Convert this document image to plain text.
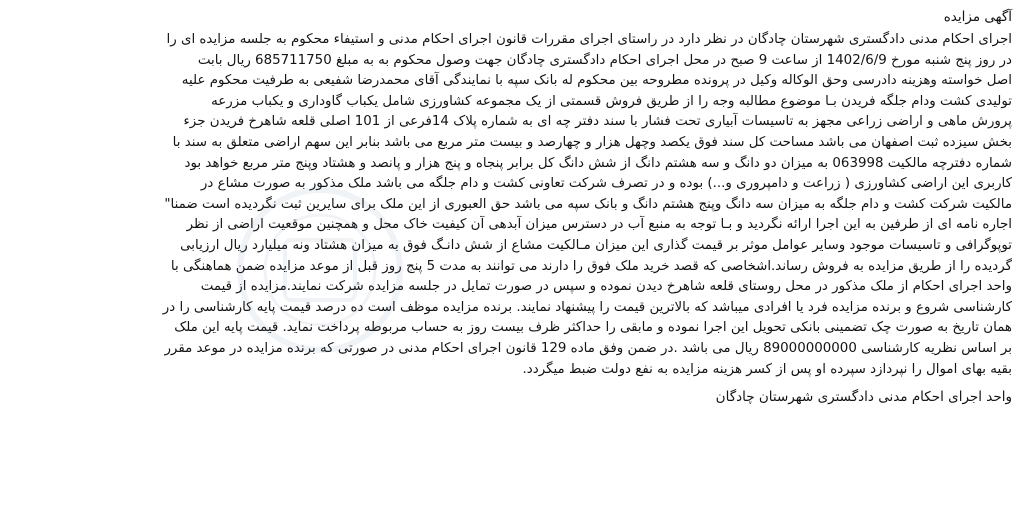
آگهی مزایده
اجرای احکام مدنی دادگستری شهرستان چادگان در نظر دارد در راستای اجرای مقررات قانون اجرای احکام مدنی و استیفاء محکوم به جلسه مزایده ای را
در روز پنج شنبه مورخ 1402/6/9 از ساعت 9 صبح در محل اجرای احکام دادگستری چادگان جهت وصول محکوم به به مبلغ 685711750 ریال بابت
اصل خواسته وهزینه دادرسی وحق الوکاله وکیل در پرونده مطروحه بین محکوم له بانک سپه با نمایندگی آقای محمدرضا شفیعی به طرفیت محکوم علیه
تولیدی کشت ودام جلگه فریدن بـا موضوع مطالبه وجه را از طریق فروش قسمتی از یک مجموعه کشاورزی شامل یکباب گاوداری و یکباب مزرعه
پرورش ماهی و اراضی زراعی مجهز به تاسیسات آبیاری تحت فشار با سند دفتر چه ای به شماره پلاک 14فرعی از 101 اصلی قلعه شاهرخ فریدن جزء
بخش سیزده ثبت اصفهان می باشد مساحت کل سند فوق یکصد وچهل هزار و چهارصد و بیست متر مربع می باشد بنابر این سهم اراضی متعلق به سند با
شماره دفترچه مالکیت 063998 به میزان دو دانگ و سه هشتم دانگ از شش دانگ کل برابر پنجاه و پنج هزار و پانصد و هشتاد وپنج متر مربع خواهد بود
کاربری این اراضی کشاورزی ( زراعت و دامپروری و...) بوده و در تصرف شرکت تعاونی کشت و دام جلگه می باشد ملک مذکور به صورت مشاع در
مالکیت شرکت کشت و دام جلگه به میزان سه دانگ وپنج هشتم دانگ و بانک سپه می باشد حق العبوری از این ملک برای سایرین ثبت نگردیده است ضمنا"
اجاره نامه ای از طرفین به این اجرا ارائه نگردید و بـا توجه به منبع آب در دسترس میزان آبدهی آن کیفیت خاک محل و همچنین موقعیت اراضی از نظر
توپوگرافی و تاسیسات موجود وسایر عوامل موثر بر قیمت گذاری این میزان مـالکیت مشاع از شش دانـگ فوق به میزان هشتاد ونه میلیارد ریال ارزیابی
گردیده را از طریق مزایده به فروش رساند.اشخاصی که قصد خرید ملک فوق را دارند می توانند به مدت 5 پنج روز قبل از موعد مزایده ضمن هماهنگی با
واحد اجرای احکام از ملک مذکور در محل روستای قلعه شاهرخ دیدن نموده و سپس در صورت تمایل در جلسه مزایده شرکت نمایند.مزایده از قیمت
کارشناسی شروع و برنده مزایده فرد یا افرادی میباشد که بالاترین قیمت را پیشنهاد نمایند. برنده مزایده موظف است ده درصد قیمت پایه کارشناسی را در
همان تاریخ به صورت چک تضمینی بانکی تحویل این اجرا نموده و مابقی را حداکثر ظرف بیست روز به حساب مربوطه پرداخت نماید. قیمت پایه این ملک
بر اساس نظریه کارشناسی 89000000000 ریال می باشد .در ضمن وفق ماده 129 قانون اجرای احکام مدنی در صورتی که برنده مزایده در موعد مقرر
بقیه بهای اموال را نپردازد سپرده او پس از کسر هزینه مزایده به نفع دولت ضبط میگردد.
واحد اجرای احکام مدنی دادگستری شهرستان چادگان
